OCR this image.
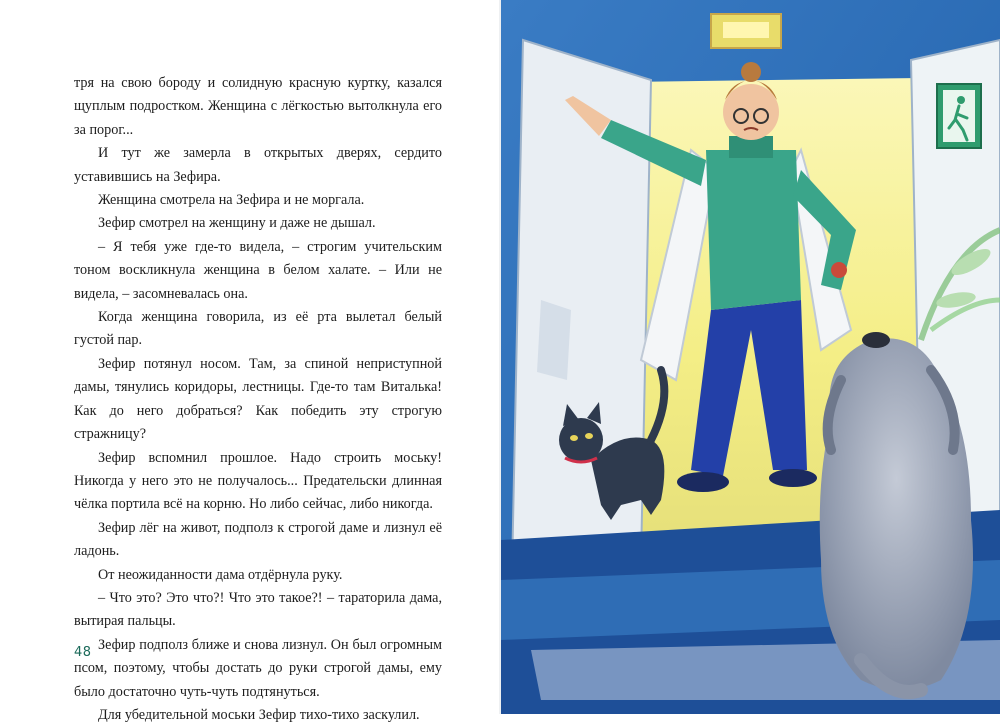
тря на свою бороду и солидную красную куртку, казался щуплым подростком. Женщина с лёгкостью вытолкнула его за порог...

И тут же замерла в открытых дверях, сердито уставившись на Зефира.

Женщина смотрела на Зефира и не моргала.

Зефир смотрел на женщину и даже не дышал.

– Я тебя уже где-то видела, – строгим учительским тоном воскликнула женщина в белом халате. – Или не видела, – засомневалась она.

Когда женщина говорила, из её рта вылетал белый густой пар.

Зефир потянул носом. Там, за спиной неприступной дамы, тянулись коридоры, лестницы. Где-то там Виталька! Как до него добраться? Как победить эту строгую стражницу?

Зефир вспомнил прошлое. Надо строить моську! Никогда у него это не получалось... Предательски длинная чёлка портила всё на корню. Но либо сейчас, либо никогда.

Зефир лёг на живот, подполз к строгой даме и лизнул её ладонь.

От неожиданности дама отдёрнула руку.

– Что это? Это что?! Что это такое?! – тараторила дама, вытирая пальцы.

Зефир подполз ближе и снова лизнул. Он был огромным псом, поэтому, чтобы достать до руки строгой дамы, ему было достаточно чуть-чуть подтянуться.

Для убедительной моськи Зефир тихо-тихо заскулил.

48
